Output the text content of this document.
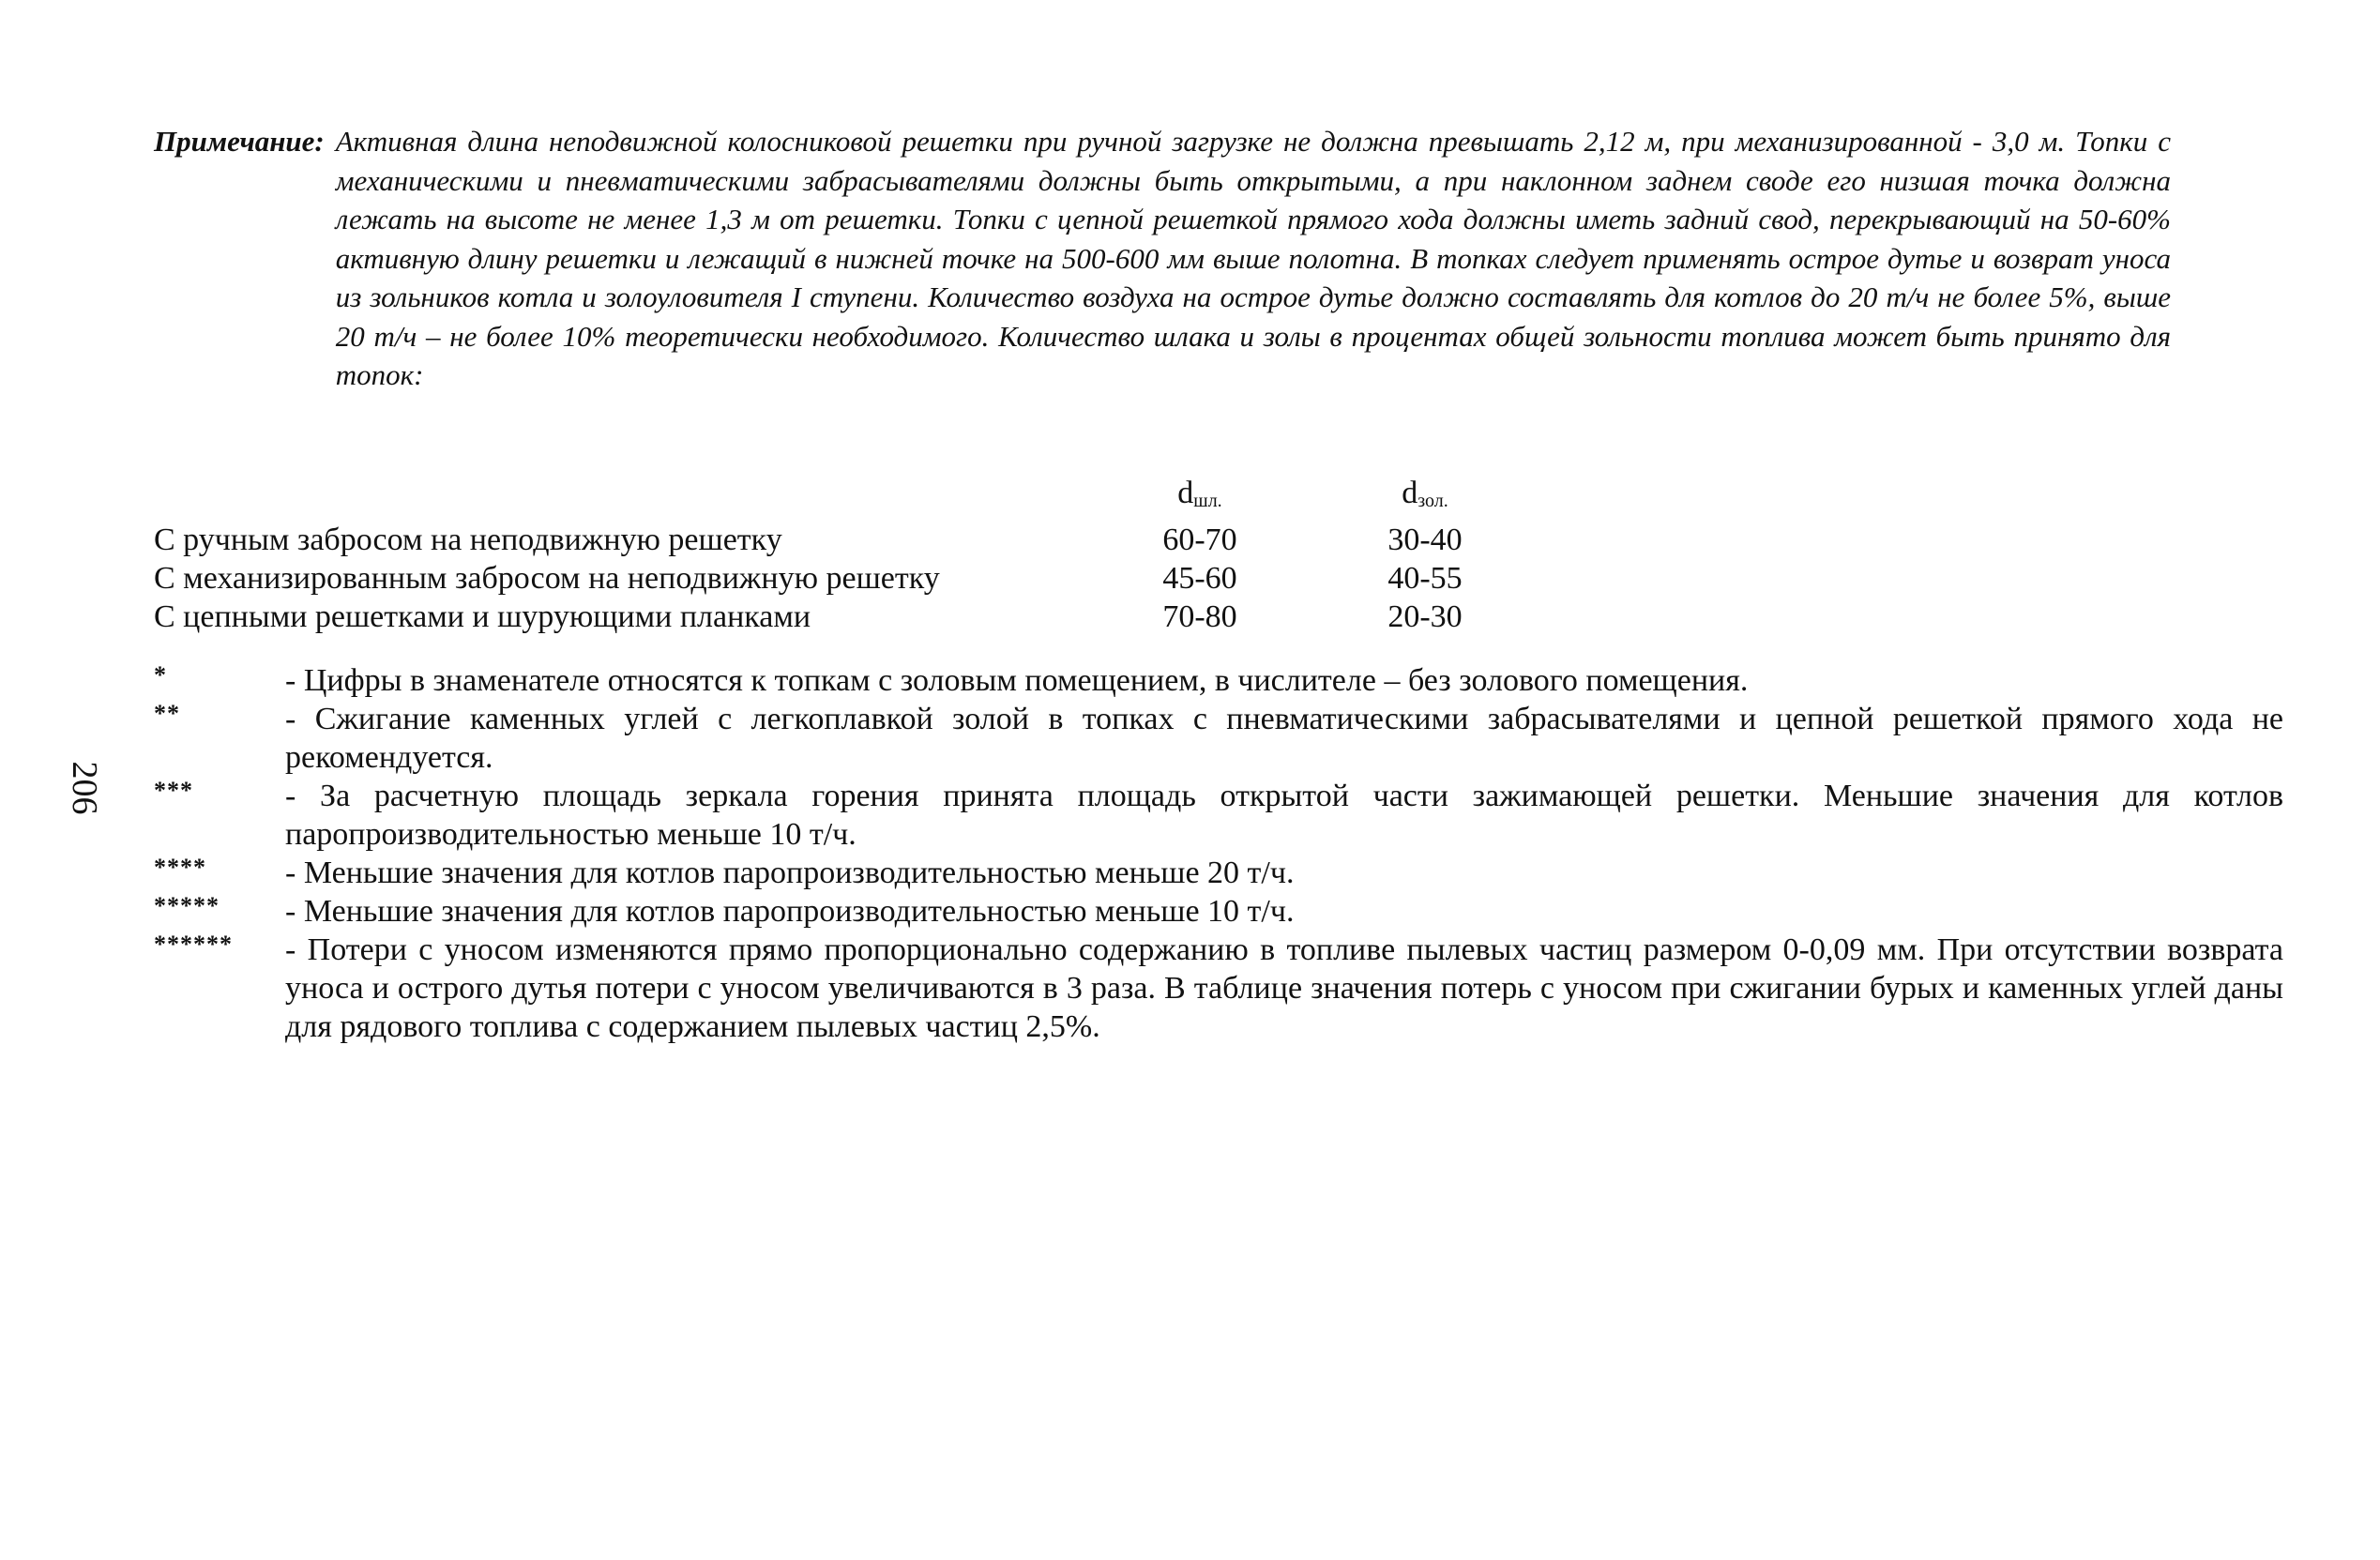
Примечание: Активная длина неподвижной колосниковой решетки при ручной загрузке не должна превышать 2,12 м, при механизированной - 3,0 м. Топки с механическими и пневматическими забрасывателями должны быть открытыми, а при наклонном заднем своде его низшая точка должна лежать на высоте не менее 1,3 м от решетки. Топки с цепной решеткой прямого хода должны иметь задний свод, перекрывающий на 50-60% активную длину решетки и лежащий в нижней точке на 500-600 мм выше полотна. В топках следует применять острое дутье и возврат уноса из зольников котла и золоуловителя I ступени. Количество воздуха на острое дутье должно составлять для котлов до 20 т/ч не более 5%, выше 20 т/ч – не более 10% теоретически необходимого. Количество шлака и золы в процентах общей зольности топлива может быть принято для топок:
	dшл.	dзол.
С ручным забросом на неподвижную решетку	60-70	30-40
С механизированным забросом на неподвижную решетку	45-60	40-55
С цепными решетками и шурующими планками	70-80	20-30
*	- Цифры в знаменателе относятся к топкам с золовым помещением, в числителе – без золового помещения.
**	- Сжигание каменных углей с легкоплавкой золой в топках с пневматическими забрасывателями и цепной решеткой прямого хода не рекомендуется.
***	- За расчетную площадь зеркала горения принята площадь открытой части зажимающей решетки. Меньшие значения для котлов паропроизводительностью меньше 10 т/ч.
****	- Меньшие значения для котлов паропроизводительностью меньше 20 т/ч.
*****	- Меньшие значения для котлов паропроизводительностью меньше 10 т/ч.
******	- Потери с уносом изменяются прямо пропорционально содержанию в топливе пылевых частиц размером 0-0,09 мм. При отсутствии возврата уноса и острого дутья потери с уносом увеличиваются в 3 раза. В таблице значения потерь с уносом при сжигании бурых и каменных углей даны для рядового топлива с содержанием пылевых частиц 2,5%.
206
